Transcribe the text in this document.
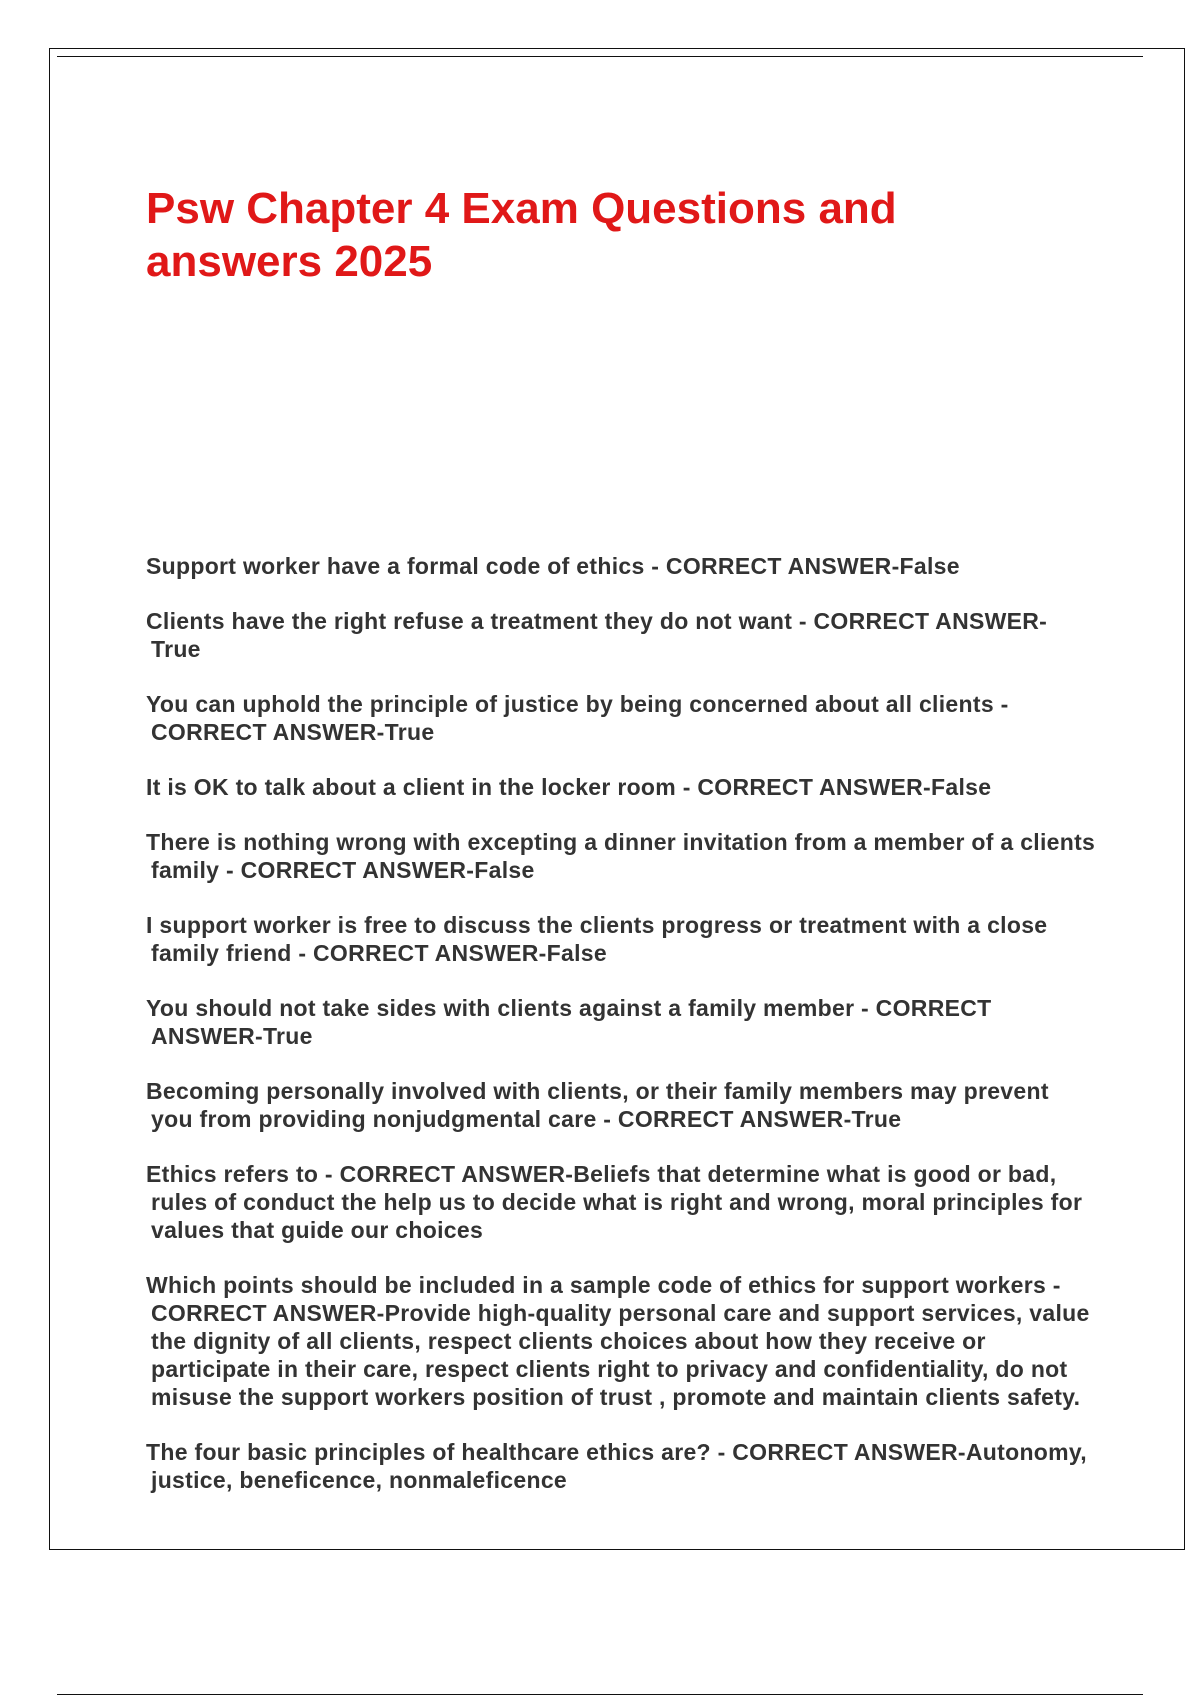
Psw Chapter 4 Exam Questions and answers 2025
Support worker have a formal code of ethics - CORRECT ANSWER-False
Clients have the right refuse a treatment they do not want - CORRECT ANSWER-True
You can uphold the principle of justice by being concerned about all clients - CORRECT ANSWER-True
It is OK to talk about a client in the locker room - CORRECT ANSWER-False
There is nothing wrong with excepting a dinner invitation from a member of a clients family - CORRECT ANSWER-False
I support worker is free to discuss the clients progress or treatment with a close family friend - CORRECT ANSWER-False
You should not take sides with clients against a family member - CORRECT ANSWER-True
Becoming personally involved with clients, or their family members may prevent you from providing nonjudgmental care - CORRECT ANSWER-True
Ethics refers to - CORRECT ANSWER-Beliefs that determine what is good or bad, rules of conduct the help us to decide what is right and wrong, moral principles for values that guide our choices
Which points should be included in a sample code of ethics for support workers - CORRECT ANSWER-Provide high-quality personal care and support services, value the dignity of all clients, respect clients choices about how they receive or participate in their care, respect clients right to privacy and confidentiality, do not misuse the support workers position of trust , promote and maintain clients safety.
The four basic principles of healthcare ethics are? - CORRECT ANSWER-Autonomy, justice, beneficence, nonmaleficence
